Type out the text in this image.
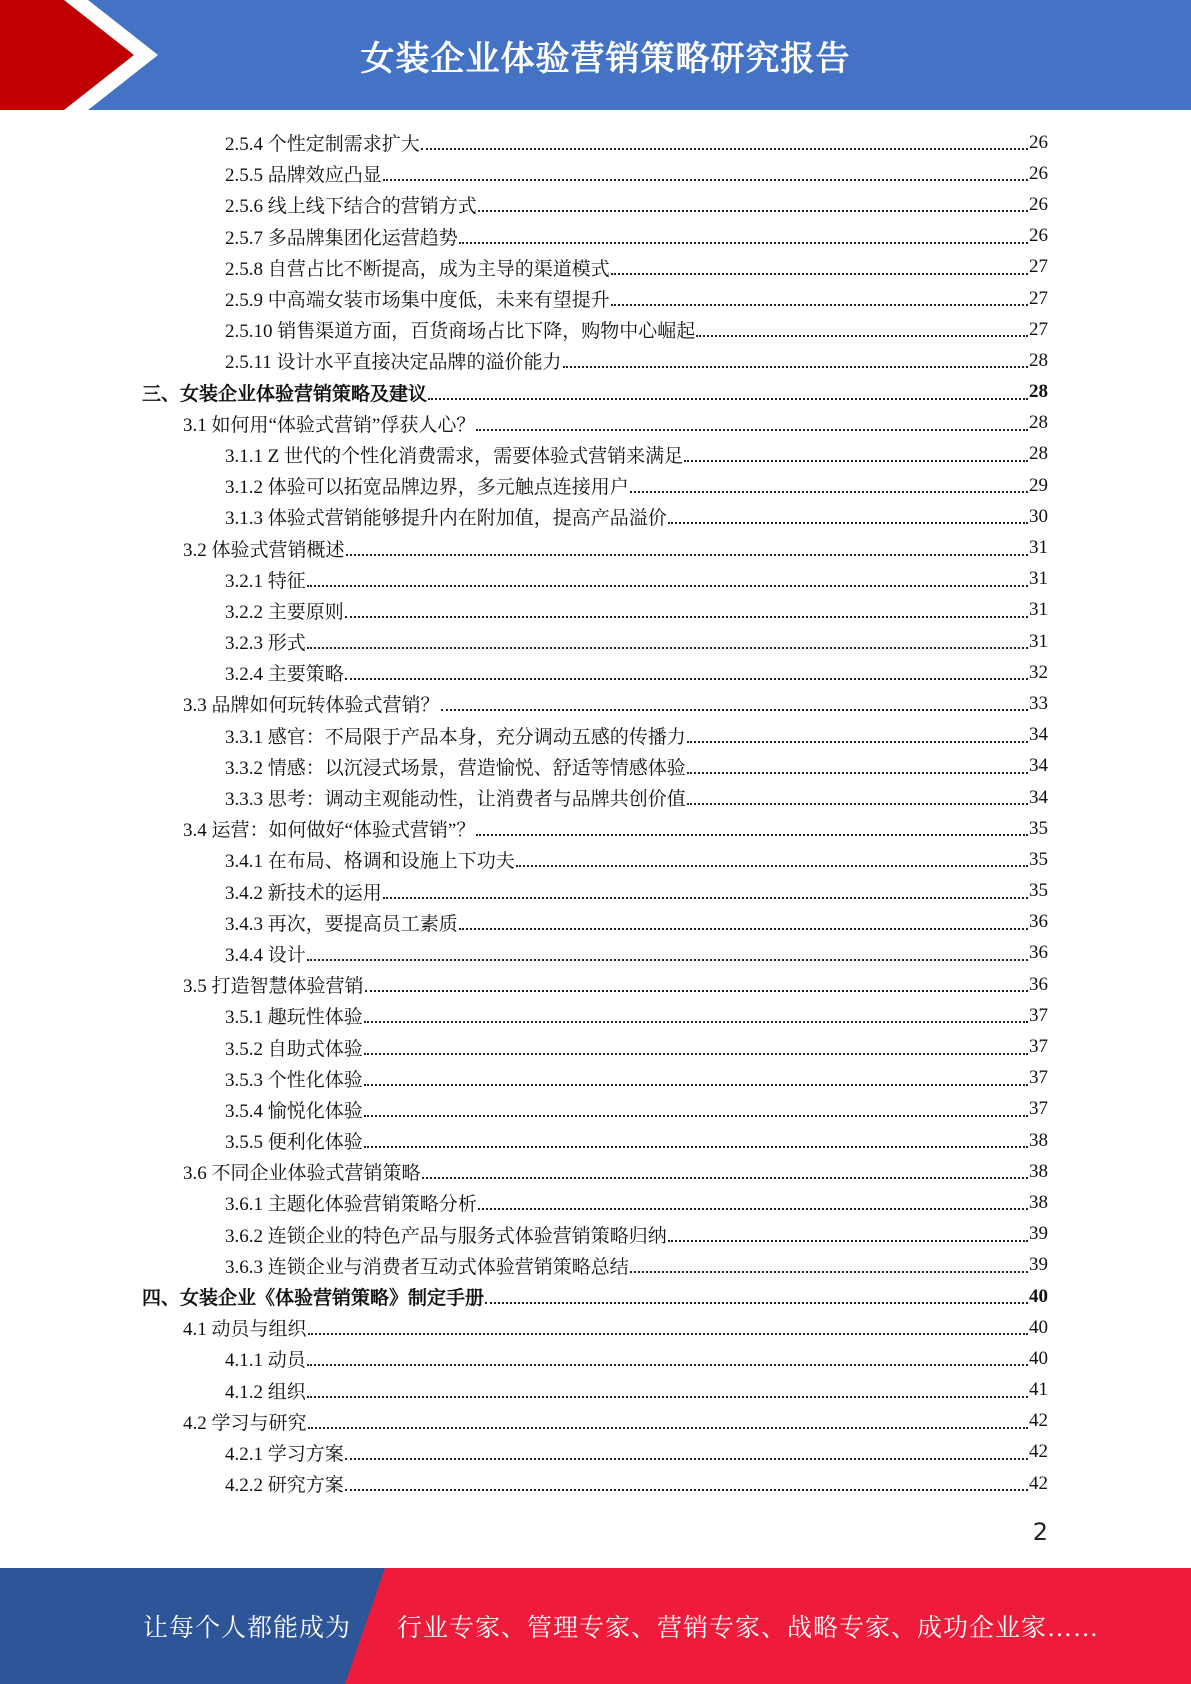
女装企业体验营销策略研究报告
2.5.4 个性定制需求扩大	26
2.5.5 品牌效应凸显	26
2.5.6 线上线下结合的营销方式	26
2.5.7 多品牌集团化运营趋势	26
2.5.8 自营占比不断提高，成为主导的渠道模式	27
2.5.9 中高端女装市场集中度低，未来有望提升	27
2.5.10 销售渠道方面，百货商场占比下降，购物中心崛起	27
2.5.11 设计水平直接决定品牌的溢价能力	28
三、女装企业体验营销策略及建议	28
3.1 如何用“体验式营销”俘获人心？	28
3.1.1 Z 世代的个性化消费需求，需要体验式营销来满足	28
3.1.2 体验可以拓宽品牌边界，多元触点连接用户	29
3.1.3 体验式营销能够提升内在附加值，提高产品溢价	30
3.2 体验式营销概述	31
3.2.1 特征	31
3.2.2 主要原则	31
3.2.3 形式	31
3.2.4 主要策略	32
3.3 品牌如何玩转体验式营销？	33
3.3.1 感官：不局限于产品本身，充分调动五感的传播力	34
3.3.2 情感：以沉浸式场景，营造愉悦、舒适等情感体验	34
3.3.3 思考：调动主观能动性，让消费者与品牌共创价值	34
3.4 运营：如何做好“体验式营销”？	35
3.4.1 在布局、格调和设施上下功夫	35
3.4.2 新技术的运用	35
3.4.3 再次，要提高员工素质	36
3.4.4 设计	36
3.5 打造智慧体验营销	36
3.5.1 趣玩性体验	37
3.5.2 自助式体验	37
3.5.3 个性化体验	37
3.5.4 愉悦化体验	37
3.5.5 便利化体验	38
3.6 不同企业体验式营销策略	38
3.6.1 主题化体验营销策略分析	38
3.6.2 连锁企业的特色产品与服务式体验营销策略归纳	39
3.6.3 连锁企业与消费者互动式体验营销策略总结	39
四、女装企业《体验营销策略》制定手册	40
4.1 动员与组织	40
4.1.1 动员	40
4.1.2 组织	41
4.2 学习与研究	42
4.2.1 学习方案	42
4.2.2 研究方案	42
2
让每个人都能成为 行业专家、管理专家、营销专家、战略专家、成功企业家……
